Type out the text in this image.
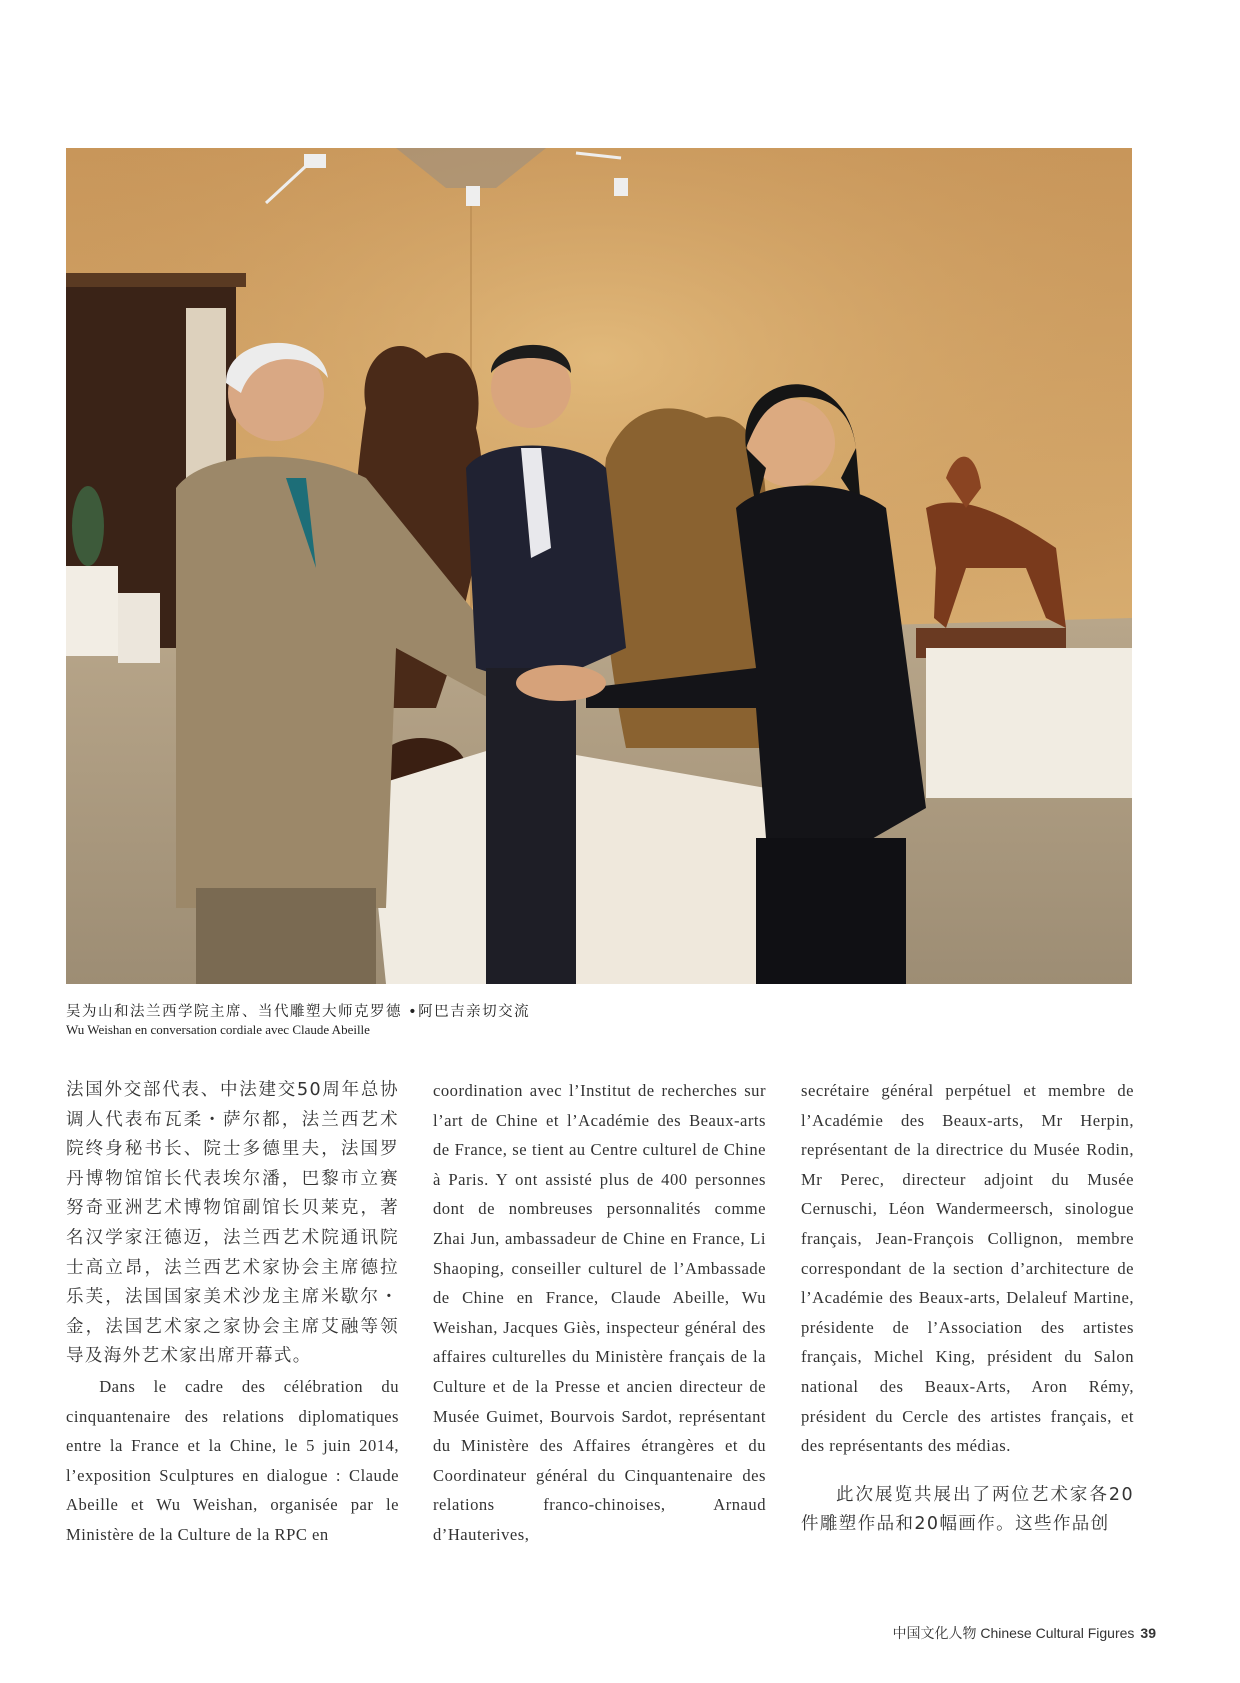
吴为山和法兰西学院主席、当代雕塑大师克罗德 •阿巴吉亲切交流
Wu Weishan en conversation cordiale avec Claude Abeille

法国外交部代表、中法建交50周年总协调人代表布瓦柔・萨尔都，法兰西艺术院终身秘书长、院士多德里夫，法国罗丹博物馆馆长代表埃尔潘，巴黎市立赛努奇亚洲艺术博物馆副馆长贝莱克，著名汉学家汪德迈，法兰西艺术院通讯院士高立昂，法兰西艺术家协会主席德拉乐芙，法国国家美术沙龙主席米歇尔・金，法国艺术家之家协会主席艾融等领导及海外艺术家出席开幕式。

Dans le cadre des célébration du cinquantenaire des relations diplomatiques entre la France et la Chine, le 5 juin 2014, l’exposition Sculptures en dialogue : Claude Abeille et Wu Weishan, organisée par le Ministère de la Culture de la RPC en

coordination avec l’Institut de recherches sur l’art de Chine et l’Académie des Beaux-arts de France, se tient au Centre culturel de Chine à Paris. Y ont assisté plus de 400 personnes dont de nombreuses personnalités comme Zhai Jun, ambassadeur de Chine en France, Li Shaoping, conseiller culturel de l’Ambassade de Chine en France, Claude Abeille, Wu Weishan, Jacques Giès, inspecteur général des affaires culturelles du Ministère français de la Culture et de la Presse et ancien directeur de Musée Guimet, Bourvois Sardot, représentant du Ministère des Affaires étrangères et du Coordinateur général du Cinquantenaire des relations franco-chinoises, Arnaud d’Hauterives,

secrétaire général perpétuel et membre de l’Académie des Beaux-arts, Mr Herpin, représentant de la directrice du Musée Rodin, Mr Perec, directeur adjoint du Musée Cernuschi, Léon Wandermeersch, sinologue français, Jean-François Collignon, membre correspondant de la section d’architecture de l’Académie des Beaux-arts, Delaleuf Martine, présidente de l’Association des artistes français, Michel King, président du Salon national des Beaux-Arts, Aron Rémy, président du Cercle des artistes français, et des représentants des médias.

此次展览共展出了两位艺术家各20件雕塑作品和20幅画作。这些作品创

中国文化人物 Chinese Cultural Figures 39
